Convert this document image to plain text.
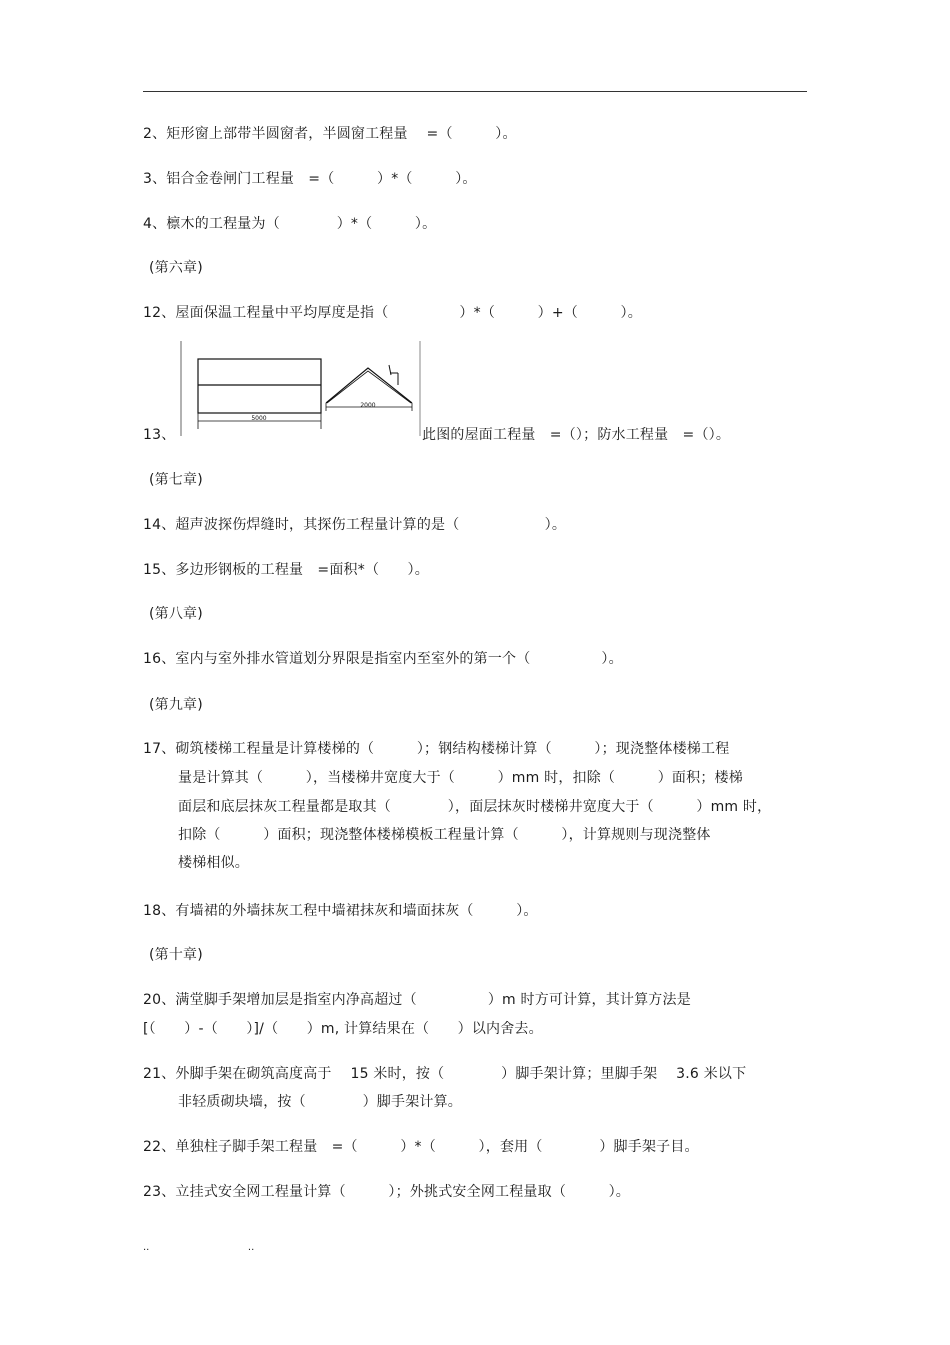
2、矩形窗上部带半圆窗者，半圆窗工程量　 =（　　　）。
3、铝合金卷闸门工程量　=（　　　）*（　　　）。
4、檩木的工程量为（　　　　）*（　　　）。
(第六章)
12、屋面保温工程量中平均厚度是指（　　　　　）*（　　　）+（　　　）。
13、
5000
2000
此图的屋面工程量　=（）；防水工程量　=（）。
(第七章)
14、超声波探伤焊缝时，其探伤工程量计算的是（　　　　　　）。
15、多边形钢板的工程量　=面积*（　　）。
(第八章)
16、室内与室外排水管道划分界限是指室内至室外的第一个（　　　　　）。
(第九章)
17、砌筑楼梯工程量是计算楼梯的（　　　）；钢结构楼梯计算（　　　）；现浇整体楼梯工程
量是计算其（　　　），当楼梯井宽度大于（　　　）mm 时，扣除（　　　）面积；楼梯
面层和底层抹灰工程量都是取其（　　　　），面层抹灰时楼梯井宽度大于（　　　）mm 时，
扣除（　　　）面积；现浇整体楼梯模板工程量计算（　　　），计算规则与现浇整体
楼梯相似。
18、有墙裙的外墙抹灰工程中墙裙抹灰和墙面抹灰（　　　）。
(第十章)
20、满堂脚手架增加层是指室内净高超过（　　　　　）m 时方可计算，其计算方法是
[（　　）-（　　）]/（　　）m, 计算结果在（　　）以内舍去。
21、外脚手架在砌筑高度高于　 15 米时，按（　　　　）脚手架计算；里脚手架　 3.6 米以下
非轻质砌块墙，按（　　　　）脚手架计算。
22、单独柱子脚手架工程量　=（　　　）*（　　　），套用（　　　　）脚手架子目。
23、立挂式安全网工程量计算（　　　）；外挑式安全网工程量取（　　　）。
..                               ..
